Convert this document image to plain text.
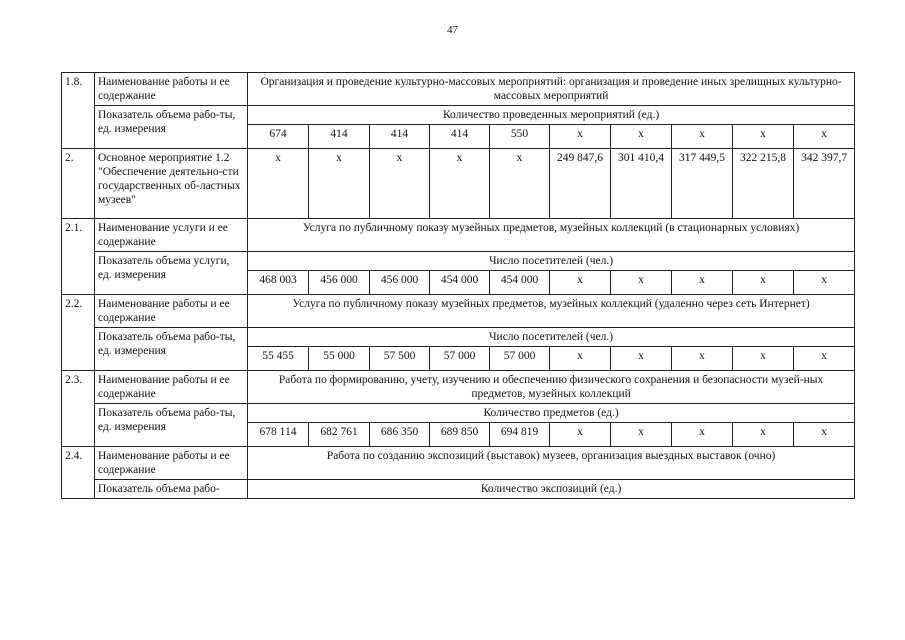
47
1.8.	Наименование работы и ее содержание	Организация и проведение культурно-массовых мероприятий: организация и проведение иных зрелищных культурно-массовых мероприятий									
	Показатель объема рабо-ты, ед. измерения	Количество проведенных мероприятий (ед.)									
		674	414	414	414	550	х	х	х	х	х
2.	Основное мероприятие 1.2 "Обеспечение деятельно-сти государственных об-ластных музеев"	х	х	х	х	х	249 847,6	301 410,4	317 449,5	322 215,8	342 397,7
2.1.	Наименование услуги и ее содержание	Услуга по публичному показу музейных предметов, музейных коллекций (в стационарных условиях)									
	Показатель объема услуги, ед. измерения	Число посетителей (чел.)									
		468 003	456 000	456 000	454 000	454 000	х	х	х	х	х
2.2.	Наименование работы и ее содержание	Услуга по публичному показу музейных предметов, музейных коллекций (удаленно через сеть Интернет)									
	Показатель объема рабо-ты, ед. измерения	Число посетителей (чел.)									
		55 455	55 000	57 500	57 000	57 000	х	х	х	х	х
2.3.	Наименование работы и ее содержание	Работа по формированию, учету, изучению и обеспечению физического сохранения и безопасности музей-ных предметов, музейных коллекций									
	Показатель объема рабо-ты, ед. измерения	Количество предметов (ед.)									
		678 114	682 761	686 350	689 850	694 819	х	х	х	х	х
2.4.	Наименование работы и ее содержание	Работа по созданию экспозиций (выставок) музеев, организация выездных выставок (очно)									
	Показатель объема рабо-	Количество экспозиций (ед.)									
